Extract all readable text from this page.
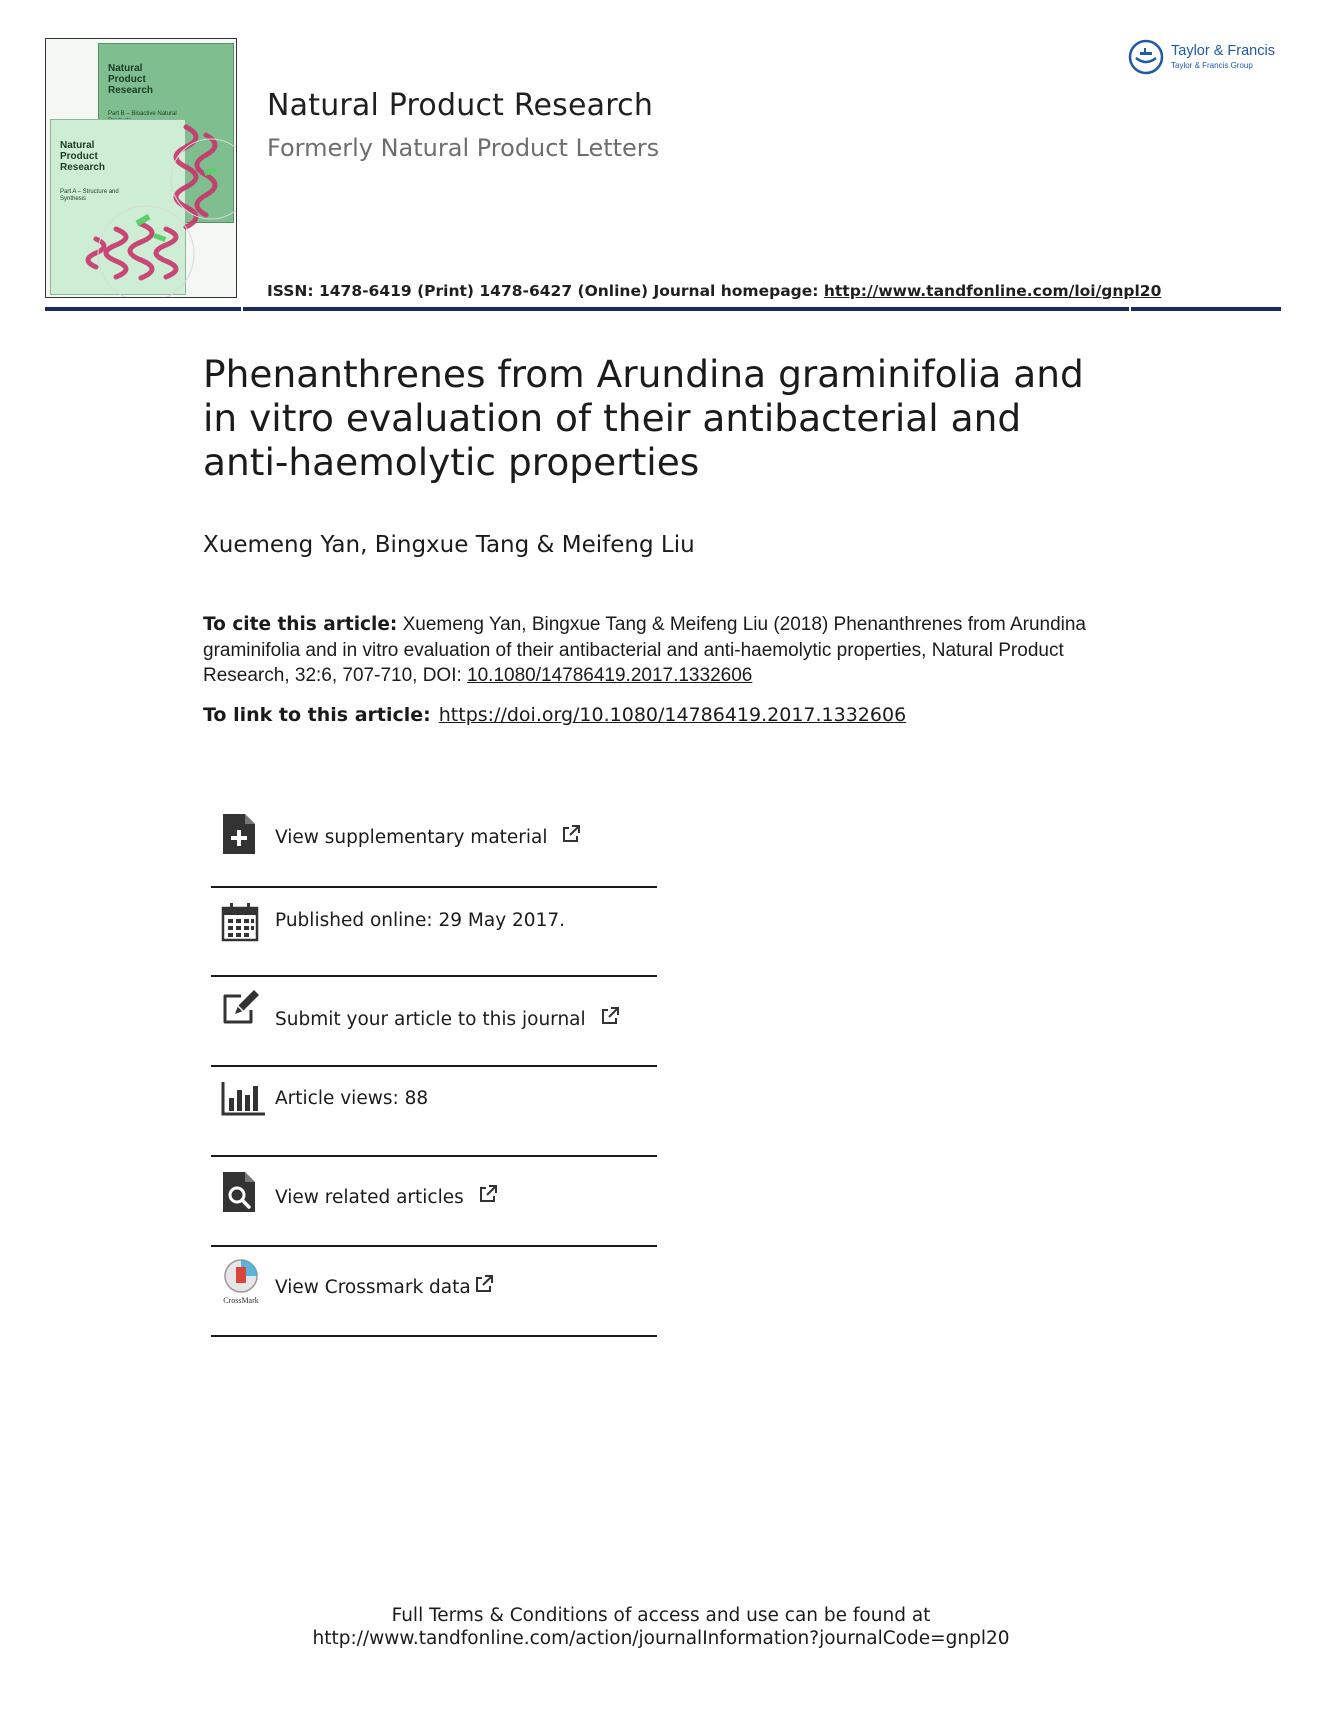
Natural Product Research
Part B – Bioactive Natural
Natural Product Research
Part A – Structure and Synthesis
Natural Product Research
Formerly Natural Product Letters
ISSN: 1478-6419 (Print) 1478-6427 (Online) Journal homepage: http://www.tandfonline.com/loi/gnpl20
Taylor & Francis
Taylor & Francis Group
Phenanthrenes from Arundina graminifolia and in vitro evaluation of their antibacterial and anti-haemolytic properties
Xuemeng Yan, Bingxue Tang & Meifeng Liu
To cite this article: Xuemeng Yan, Bingxue Tang & Meifeng Liu (2018) Phenanthrenes from Arundina graminifolia and in vitro evaluation of their antibacterial and anti-haemolytic properties, Natural Product Research, 32:6, 707-710, DOI: 10.1080/14786419.2017.1332606
To link to this article: https://doi.org/10.1080/14786419.2017.1332606
View supplementary material
Published online: 29 May 2017.
Submit your article to this journal
Article views: 88
View related articles
CrossMark
View Crossmark data
Full Terms & Conditions of access and use can be found at
http://www.tandfonline.com/action/journalInformation?journalCode=gnpl20
